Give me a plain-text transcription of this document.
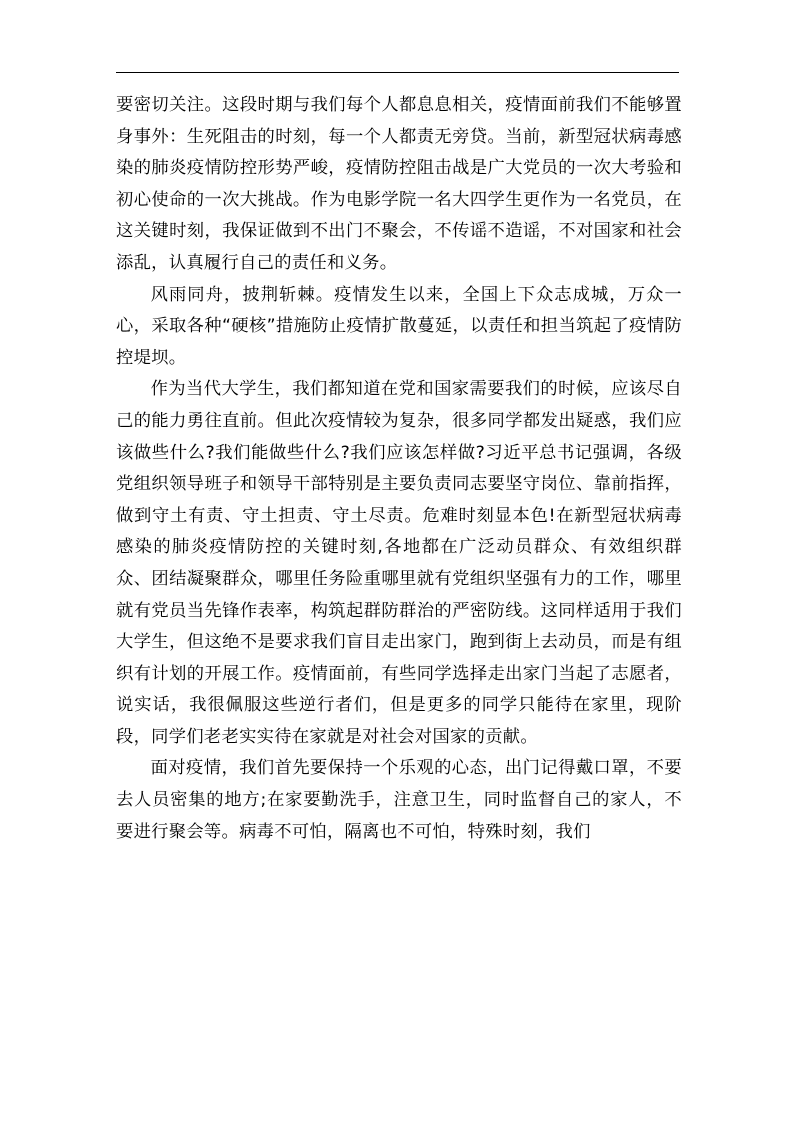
要密切关注。这段时期与我们每个人都息息相关，疫情面前我们不能够置身事外：生死阻击的时刻，每一个人都责无旁贷。当前，新型冠状病毒感染的肺炎疫情防控形势严峻，疫情防控阻击战是广大党员的一次大考验和初心使命的一次大挑战。作为电影学院一名大四学生更作为一名党员，在这关键时刻，我保证做到不出门不聚会，不传谣不造谣，不对国家和社会添乱，认真履行自己的责任和义务。

风雨同舟，披荆斩棘。疫情发生以来，全国上下众志成城，万众一心，采取各种“硬核”措施防止疫情扩散蔓延，以责任和担当筑起了疫情防控堤坝。

作为当代大学生，我们都知道在党和国家需要我们的时候，应该尽自己的能力勇往直前。但此次疫情较为复杂，很多同学都发出疑惑，我们应该做些什么?我们能做些什么?我们应该怎样做?习近平总书记强调，各级党组织领导班子和领导干部特别是主要负责同志要坚守岗位、靠前指挥，做到守土有责、守土担责、守土尽责。危难时刻显本色!在新型冠状病毒感染的肺炎疫情防控的关键时刻,各地都在广泛动员群众、有效组织群众、团结凝聚群众，哪里任务险重哪里就有党组织坚强有力的工作，哪里就有党员当先锋作表率，构筑起群防群治的严密防线。这同样适用于我们大学生，但这绝不是要求我们盲目走出家门，跑到街上去动员，而是有组织有计划的开展工作。疫情面前，有些同学选择走出家门当起了志愿者，说实话，我很佩服这些逆行者们，但是更多的同学只能待在家里，现阶段，同学们老老实实待在家就是对社会对国家的贡献。

面对疫情，我们首先要保持一个乐观的心态，出门记得戴口罩，不要去人员密集的地方;在家要勤洗手，注意卫生，同时监督自己的家人，不要进行聚会等。病毒不可怕，隔离也不可怕，特殊时刻，我们
